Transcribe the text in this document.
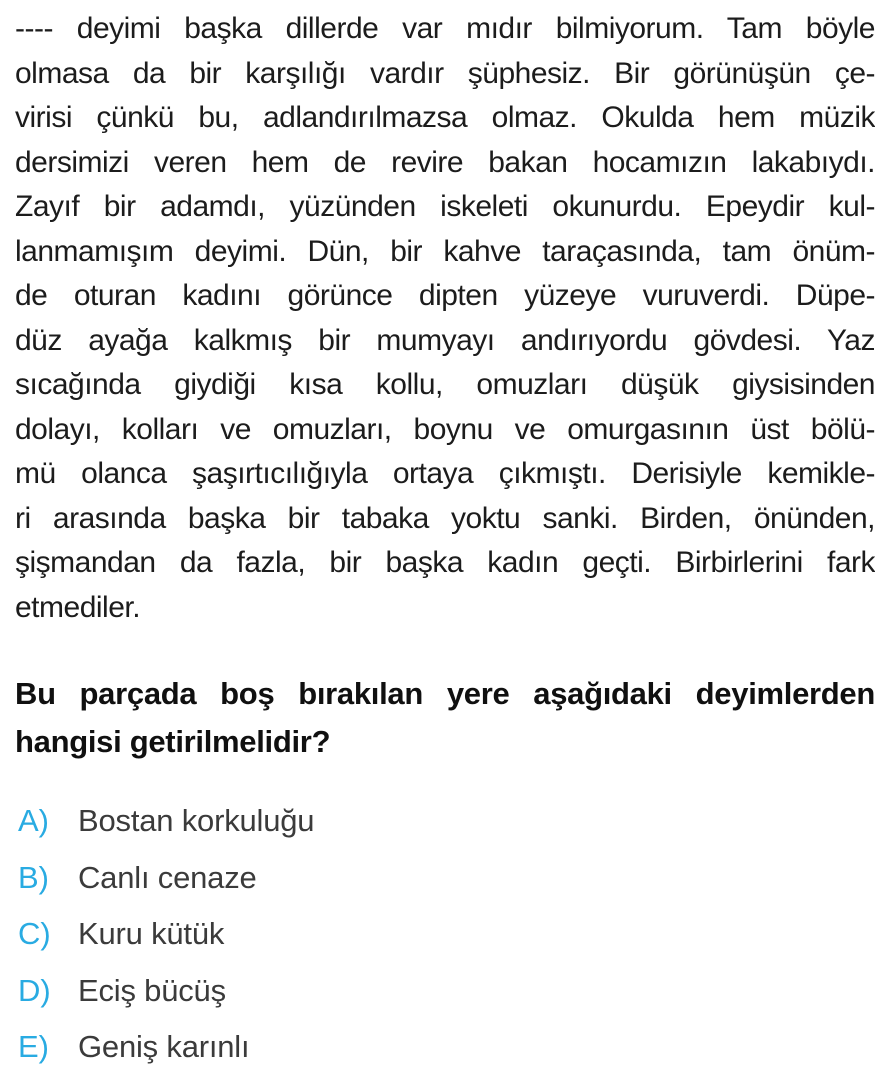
---- deyimi başka dillerde var mıdır bilmiyorum. Tam böyle
olmasa da bir karşılığı vardır şüphesiz. Bir görünüşün çe-
virisi çünkü bu, adlandırılmazsa olmaz. Okulda hem müzik
dersimizi veren hem de revire bakan hocamızın lakabıydı.
Zayıf bir adamdı, yüzünden iskeleti okunurdu. Epeydir kul-
lanmamışım deyimi. Dün, bir kahve taraçasında, tam önüm-
de oturan kadını görünce dipten yüzeye vuruverdi. Düpe-
düz ayağa kalkmış bir mumyayı andırıyordu gövdesi. Yaz
sıcağında giydiği kısa kollu, omuzları düşük giysisinden
dolayı, kolları ve omuzları, boynu ve omurgasının üst bölü-
mü olanca şaşırtıcılığıyla ortaya çıkmıştı. Derisiyle kemikle-
ri arasında başka bir tabaka yoktu sanki. Birden, önünden,
şişmandan da fazla, bir başka kadın geçti. Birbirlerini fark
etmediler.
Bu parçada boş bırakılan yere aşağıdaki deyimlerden
hangisi getirilmelidir?
A) Bostan korkuluğu
B) Canlı cenaze
C) Kuru kütük
D) Eciş bücüş
E) Geniş karınlı
